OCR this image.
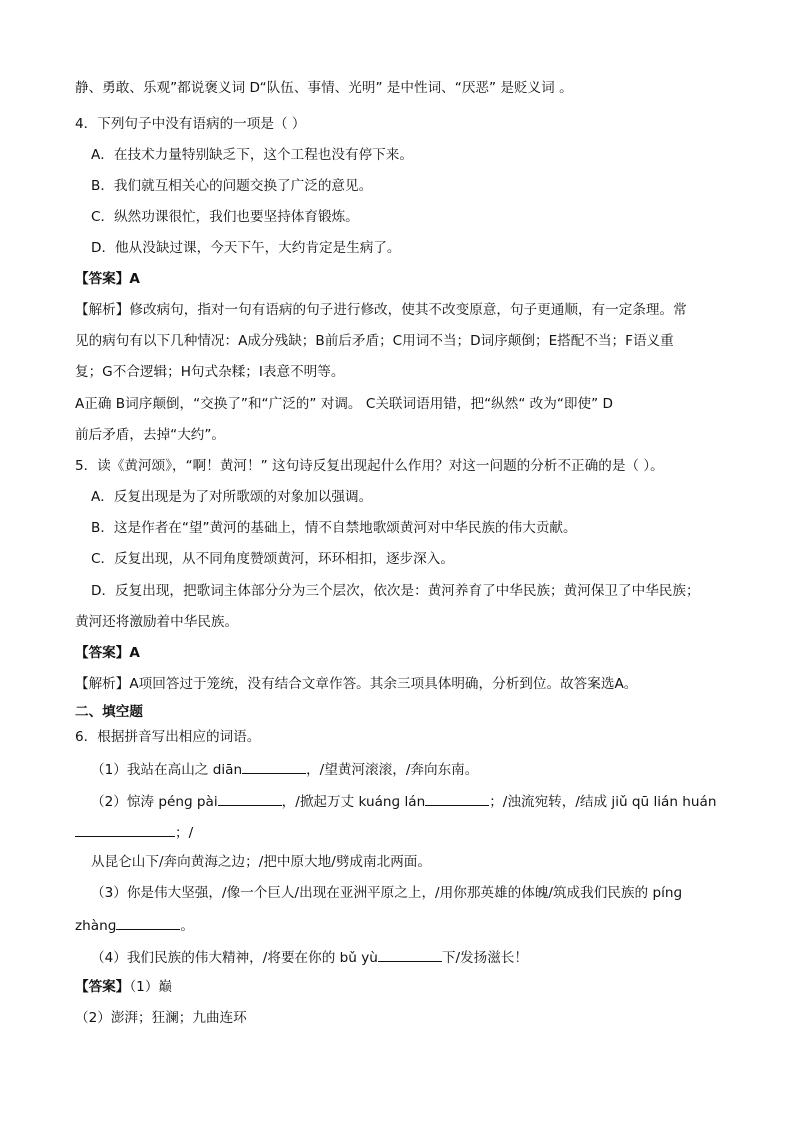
静、勇敢、乐观”都说褒义词 D“队伍、事情、光明” 是中性词、“厌恶” 是贬义词 。
4．下列句子中没有语病的一项是（ ）
A．在技术力量特别缺乏下，这个工程也没有停下来。
B．我们就互相关心的问题交换了广泛的意见。
C．纵然功课很忙，我们也要坚持体育锻炼。
D．他从没缺过课，今天下午，大约肯定是生病了。
【答案】A
【解析】修改病句，指对一句有语病的句子进行修改，使其不改变原意，句子更通顺，有一定条理。常
见的病句有以下几种情况：A成分残缺；B前后矛盾；C用词不当；D词序颠倒；E搭配不当；F语义重
复；G不合逻辑；H句式杂糅；I表意不明等。
A正确 B词序颠倒，“交换了”和“广泛的” 对调。 C关联词语用错，把“纵然“ 改为“即使” D
前后矛盾，去掉“大约”。
5．读《黄河颂》，“啊！黄河！” 这句诗反复出现起什么作用？对这一问题的分析不正确的是（ ）。
A．反复出现是为了对所歌颂的对象加以强调。
B．这是作者在“望”黄河的基础上，情不自禁地歌颂黄河对中华民族的伟大贡献。
C．反复出现，从不同角度赞颂黄河，环环相扣，逐步深入。
D．反复出现，把歌词主体部分分为三个层次，依次是：黄河养育了中华民族；黄河保卫了中华民族；
黄河还将激励着中华民族。
【答案】A
【解析】A项回答过于笼统，没有结合文章作答。其余三项具体明确，分析到位。故答案选A。
二、填空题
6．根据拼音写出相应的词语。
（1）我站在高山之 diān	，/望黄河滚滚，/奔向东南。
（2）惊涛 pénɡ pài	，/掀起万丈 kuánɡ lán	；/浊流宛转，/结成 jiǔ qū lián huán
；/
从昆仑山下/奔向黄海之边；/把中原大地/劈成南北两面。
（3）你是伟大坚强，/像一个巨人/出现在亚洲平原之上，/用你那英雄的体魄/筑成我们民族的 pínɡ
zhànɡ	。
（4）我们民族的伟大精神，/将要在你的 bǔ yù	下/发扬滋长！
【答案】（1）巅
（2）澎湃；狂澜；九曲连环
